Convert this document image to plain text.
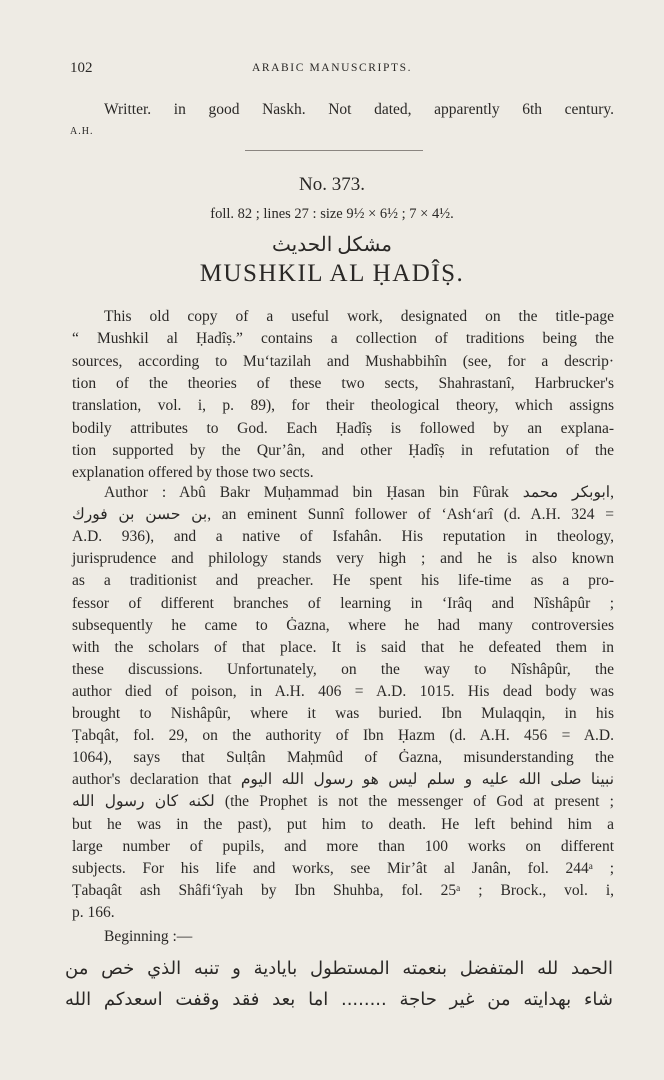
102	ARABIC MANUSCRIPTS.
Writter. in good Naskh. Not dated, apparently 6th century.
A.H.
No. 373.
foll. 82 ; lines 27 : size 9½ × 6½ ; 7 × 4½.
مشكل الحديث
MUSHKIL AL ḤADÎṢ.
This old copy of a useful work, designated on the title-page
“ Mushkil al Ḥadîṣ.” contains a collection of traditions being the
sources, according to Mu‘tazilah and Mushabbihîn (see, for a descrip·
tion of the theories of these two sects, Shahrastanî, Harbrucker's
translation, vol. i, p. 89), for their theological theory, which assigns
bodily attributes to God. Each Ḥadîṣ is followed by an explana-
tion supported by the Qur’ân, and other Ḥadîṣ in refutation of the
explanation offered by those two sects.
Author : Abû Bakr Muḥammad bin Ḥasan bin Fûrak ابوبكر محمد,
بن حسن بن فورك, an eminent Sunnî follower of ‘Ash‘arî (d. A.H. 324 =
A.D. 936), and a native of Isfahân. His reputation in theology,
jurisprudence and philology stands very high ; and he is also known
as a traditionist and preacher. He spent his life-time as a pro-
fessor of different branches of learning in ‘Irâq and Nîshâpûr ;
subsequently he came to Ġazna, where he had many controversies
with the scholars of that place. It is said that he defeated them in
these discussions. Unfortunately, on the way to Nîshâpûr, the
author died of poison, in A.H. 406 = A.D. 1015. His dead body was
brought to Nishâpûr, where it was buried. Ibn Mulaqqin, in his
Ṭabqât, fol. 29, on the authority of Ibn Ḥazm (d. A.H. 456 = A.D.
1064), says that Sulṭân Maḥmûd of Ġazna, misunderstanding the
author's declaration that نبينا صلى الله عليه و سلم ليس هو رسول الله اليوم
لكنه كان رسول الله (the Prophet is not the messenger of God at present ;
but he was in the past), put him to death. He left behind him a
large number of pupils, and more than 100 works on different
subjects. For his life and works, see Mir’ât al Janân, fol. 244ᵃ ;
Ṭabaqât ash Shâfi‘îyah by Ibn Shuhba, fol. 25ᵃ ; Brock., vol. i,
p. 166.
Beginning :—
الحمد لله المتفضل بنعمته المستطول بايادية و تنبه الذي خص من
شاء بهدايته من غير حاجة ........ اما بعد فقد وقفت اسعدكم الله
